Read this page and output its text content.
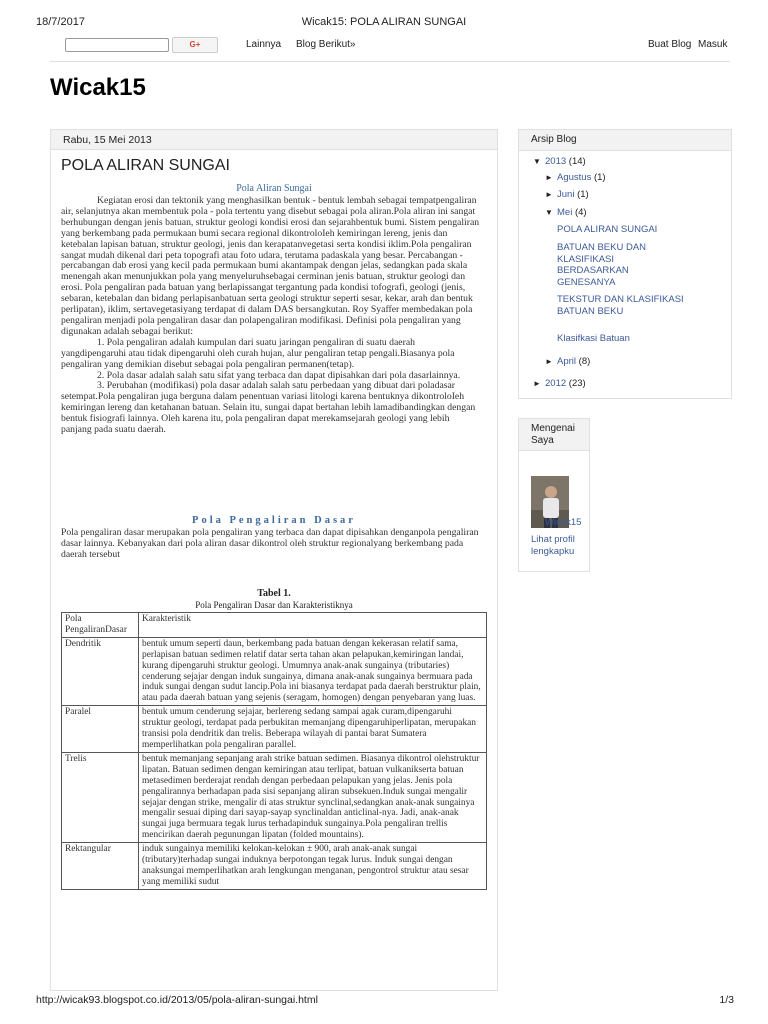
18/7/2017	Wicak15: POLA ALIRAN SUNGAI
G+	Lainnya Blog Berikut»	Buat Blog Masuk
Wicak15
Rabu, 15 Mei 2013
POLA ALIRAN SUNGAI
Pola Aliran Sungai

Kegiatan erosi dan tektonik yang menghasilkan bentuk - bentuk lembah sebagai tempatpengaliran air, selanjutnya akan membentuk pola - pola tertentu yang disebut sebagai pola aliran.Pola aliran ini sangat berhubungan dengan jenis batuan, struktur geologi kondisi erosi dan sejarahbentuk bumi. Sistem pengaliran yang berkembang pada permukaan bumi secara regional dikontroloIeh kemiringan lereng, jenis dan ketebalan lapisan batuan, struktur geologi, jenis dan kerapatanvegetasi serta kondisi iklim.Pola pengaliran sangat mudah dikenal dari peta topografi atau foto udara, terutama padaskala yang besar. Percabangan - percabangan dab erosi yang kecil pada permukaan bumi akantampak dengan jelas, sedangkan pada skala menengah akan menunjukkan pola yang menyeluruhsebagai cerminan jenis batuan, struktur geologi dan erosi. Pola pengaliran pada batuan yang berlapissangat tergantung pada kondisi tofografi, geologi (jenis, sebaran, ketebalan dan bidang perlapisanbatuan serta geologi struktur seperti sesar, kekar, arah dan bentuk perlipatan), iklim, sertavegetasiyang terdapat di dalam DAS bersangkutan. Roy Syaffer membedakan pola pengaliran menjadi pola pengaliran dasar dan polapengaliran modifikasi. Definisi pola pengaliran yang digunakan adalah sebagai berikut:

1. Pola pengaliran adalah kumpulan dari suatu jaringan pengaliran di suatu daerah yangdipengaruhi atau tidak dipengaruhi oleh curah hujan, alur pengaliran tetap pengali.Biasanya pola pengaliran yang demikian disebut sebagai pola pengaliran permanen(tetap).

2. Pola dasar adalah salah satu sifat yang terbaca dan dapat dipisahkan dari pola dasarlainnya.

3. Perubahan (modifikasi) pola dasar adalah salah satu perbedaan yang dibuat dari poladasar setempat.Pola pengaliran juga berguna dalam penentuan variasi litologi karena bentuknya dikontroloIeh kemiringan lereng dan ketahanan batuan. Selain itu, sungai dapat bertahan lebih lamadibandingkan dengan bentuk fisiografi lainnya. Oleh karena itu, pola pengaliran dapat merekamsejarah geologi yang lebih panjang pada suatu daerah.

Pola Pengaliran Dasar

Pola pengaliran dasar merupakan pola pengaliran yang terbaca dan dapat dipisahkan denganpola pengaliran dasar lainnya. Kebanyakan dari pola aliran dasar dikontrol oleh struktur regionalyang berkembang pada daerah tersebut

Tabel 1.
Pola Pengaliran Dasar dan Karakteristiknya
Pola PengaliranDasar	Karakteristik
Dendritik	bentuk umum seperti daun, berkembang pada batuan dengan kekerasan relatif sama, perlapisan batuan sedimen relatif datar serta tahan akan pelapukan,kemiringan landai, kurang dipengaruhi struktur geologi. Umumnya anak-anak sungainya (tributaries) cenderung sejajar dengan induk sungainya, dimana anak-anak sungainya bermuara pada induk sungai dengan sudut lancip.Pola ini biasanya terdapat pada daerah berstruktur plain, atau pada daerah batuan yang sejenis (seragam, homogen) dengan penyebaran yang luas.
Paralel	bentuk umum cenderung sejajar, berlereng sedang sampai agak curam,dipengaruhi struktur geologi, terdapat pada perbukitan memanjang dipengaruhiperlipatan, merupakan transisi pola dendritik dan trelis. Beberapa wilayah di pantai barat Sumatera memperlihatkan pola pengaliran parallel.
Trelis	bentuk memanjang sepanjang arah strike batuan sedimen. Biasanya dikontrol olehstruktur lipatan. Batuan sedimen dengan kemiringan atau terlipat, batuan vulkanikserta batuan metasedimen berderajat rendah dengan perbedaan pelapukan yang jelas. Jenis pola pengalirannya berhadapan pada sisi sepanjang aliran subsekuen.Induk sungai mengalir sejajar dengan strike, mengalir di atas struktur synclinal,sedangkan anak-anak sungainya mengalir sesuai diping dari sayap-sayap synclinaldan anticlinal-nya. Jadi, anak-anak sungai juga bermuara tegak lurus terhadapinduk sungainya.Pola pengaliran trellis mencirikan daerah pegunungan lipatan (folded mountains).
Rektangular	induk sungainya memiliki kelokan-kelokan ± 900, arah anak-anak sungai (tributary)terhadap sungai induknya berpotongan tegak lurus. Induk sungai dengan anaksungai memperlihatkan arah lengkungan menganan, pengontrol struktur atau sesar yang memiliki sudut
Arsip Blog
▼ 2013 (14)
► Agustus (1)
► Juni (1)
▼ Mei (4)
POLA ALIRAN SUNGAI
BATUAN BEKU DAN KLASIFIKASI BERDASARKAN GENESANYA
TEKSTUR DAN KLASIFIKASI BATUAN BEKU
Klasifkasi Batuan
► April (8)
► 2012 (23)
Mengenai Saya
Wicak15
Lihat profil lengkapku
http://wicak93.blogspot.co.id/2013/05/pola-aliran-sungai.html	1/3
